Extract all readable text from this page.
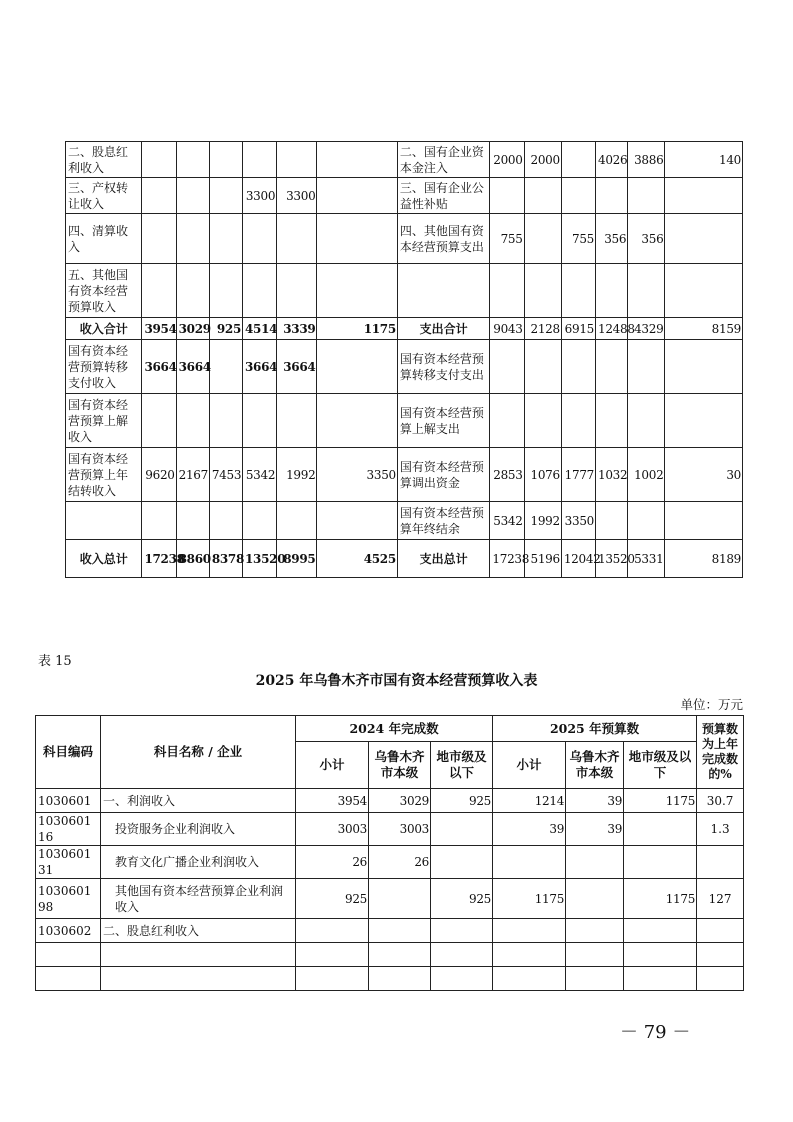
二、股息红利收入							二、国有企业资本金注入	2000	2000		4026	3886	140
三、产权转让收入				3300	3300		三、国有企业公益性补贴						
四、清算收入							四、其他国有资本经营预算支出	755		755	356	356	
五、其他国有资本经营预算收入													
收入合计	3954	3029	925	4514	3339	1175	支出合计	9043	2128	6915	12488	4329	8159
国有资本经营预算转移支付收入	3664	3664		3664	3664		国有资本经营预算转移支付支出						
国有资本经营预算上解收入							国有资本经营预算上解支出						
国有资本经营预算上年结转收入	9620	2167	7453	5342	1992	3350	国有资本经营预算调出资金	2853	1076	1777	1032	1002	30
							国有资本经营预算年终结余	5342	1992	3350			
收入总计	17238	8860	8378	13520	8995	4525	支出总计	17238	5196	12042	13520	5331	8189
表 15
2025 年乌鲁木齐市国有资本经营预算收入表
单位：万元
科目编码	科目名称 / 企业	2024 年完成数			2025 年预算数			预算数为上年完成数的%
		小计	乌鲁木齐市本级	地市级及以下	小计	乌鲁木齐市本级	地市级及以下	
1030601	一、利润收入	3954	3029	925	1214	39	1175	30.7
103060116	投资服务企业利润收入	3003	3003		39	39		1.3
103060131	教育文化广播企业利润收入	26	26					
103060198	其他国有资本经营预算企业利润收入	925		925	1175		1175	127
1030602	二、股息红利收入							

－ 79 －
